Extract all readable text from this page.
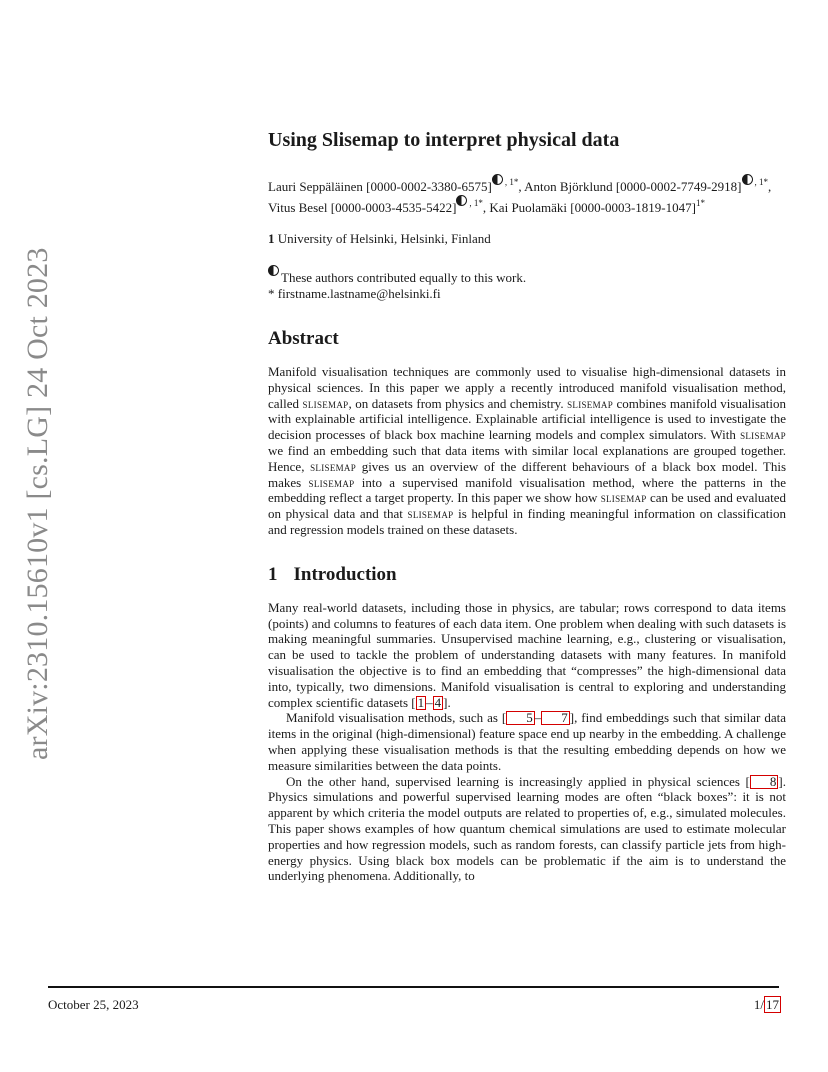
arXiv:2310.15610v1 [cs.LG] 24 Oct 2023
Using Slisemap to interpret physical data
Lauri Seppäläinen [0000-0002-3380-6575] $^{, 1*}$, Anton Björklund [0000-0002-7749-2918] $^{, 1*}$, Vitus Besel [0000-0003-4535-5422] $^{, 1*}$, Kai Puolamäki $[0000-0003-1819-1047]^{1*}$
1 University of Helsinki, Helsinki, Finland
These authors contributed equally to this work.
* firstname.lastname@helsinki.fi
Abstract

Manifold visualisation techniques are commonly used to visualise high-dimensional datasets in physical sciences. In this paper we apply a recently introduced manifold visualisation method, called slisemap, on datasets from physics and chemistry. slisemap combines manifold visualisation with explainable artificial intelligence. Explainable artificial intelligence is used to investigate the decision processes of black box machine learning models and complex simulators. With slisemap we find an embedding such that data items with similar local explanations are grouped together. Hence, slisemap gives us an overview of the different behaviours of a black box model. This makes slisemap into a supervised manifold visualisation method, where the patterns in the embedding reflect a target property. In this paper we show how slisemap can be used and evaluated on physical data and that slisemap is helpful in finding meaningful information on classification and regression models trained on these datasets.

1 Introduction

Many real-world datasets, including those in physics, are tabular; rows correspond to data items (points) and columns to features of each data item. One problem when dealing with such datasets is making meaningful summaries. Unsupervised machine learning, e.g., clustering or visualisation, can be used to tackle the problem of understanding datasets with many features. In manifold visualisation the objective is to find an embedding that “compresses” the high-dimensional data into, typically, two dimensions. Manifold visualisation is central to exploring and understanding complex scientific datasets [ 1 – 4 ].

Manifold visualisation methods, such as [ 5 – 7 ], find embeddings such that similar data items in the original (high-dimensional) feature space end up nearby in the embedding. A challenge when applying these visualisation methods is that the resulting embedding depends on how we measure similarities between the data points.

On the other hand, supervised learning is increasingly applied in physical sciences [ 8 ]. Physics simulations and powerful supervised learning modes are often “black boxes”: it is not apparent by which criteria the model outputs are related to properties of, e.g., simulated molecules. This paper shows examples of how quantum chemical simulations are used to estimate molecular properties and how regression models, such as random forests, can classify particle jets from high-energy physics. Using black box models can be problematic if the aim is to understand the underlying phenomena. Additionally, to

October 25, 2023	1/ 17
